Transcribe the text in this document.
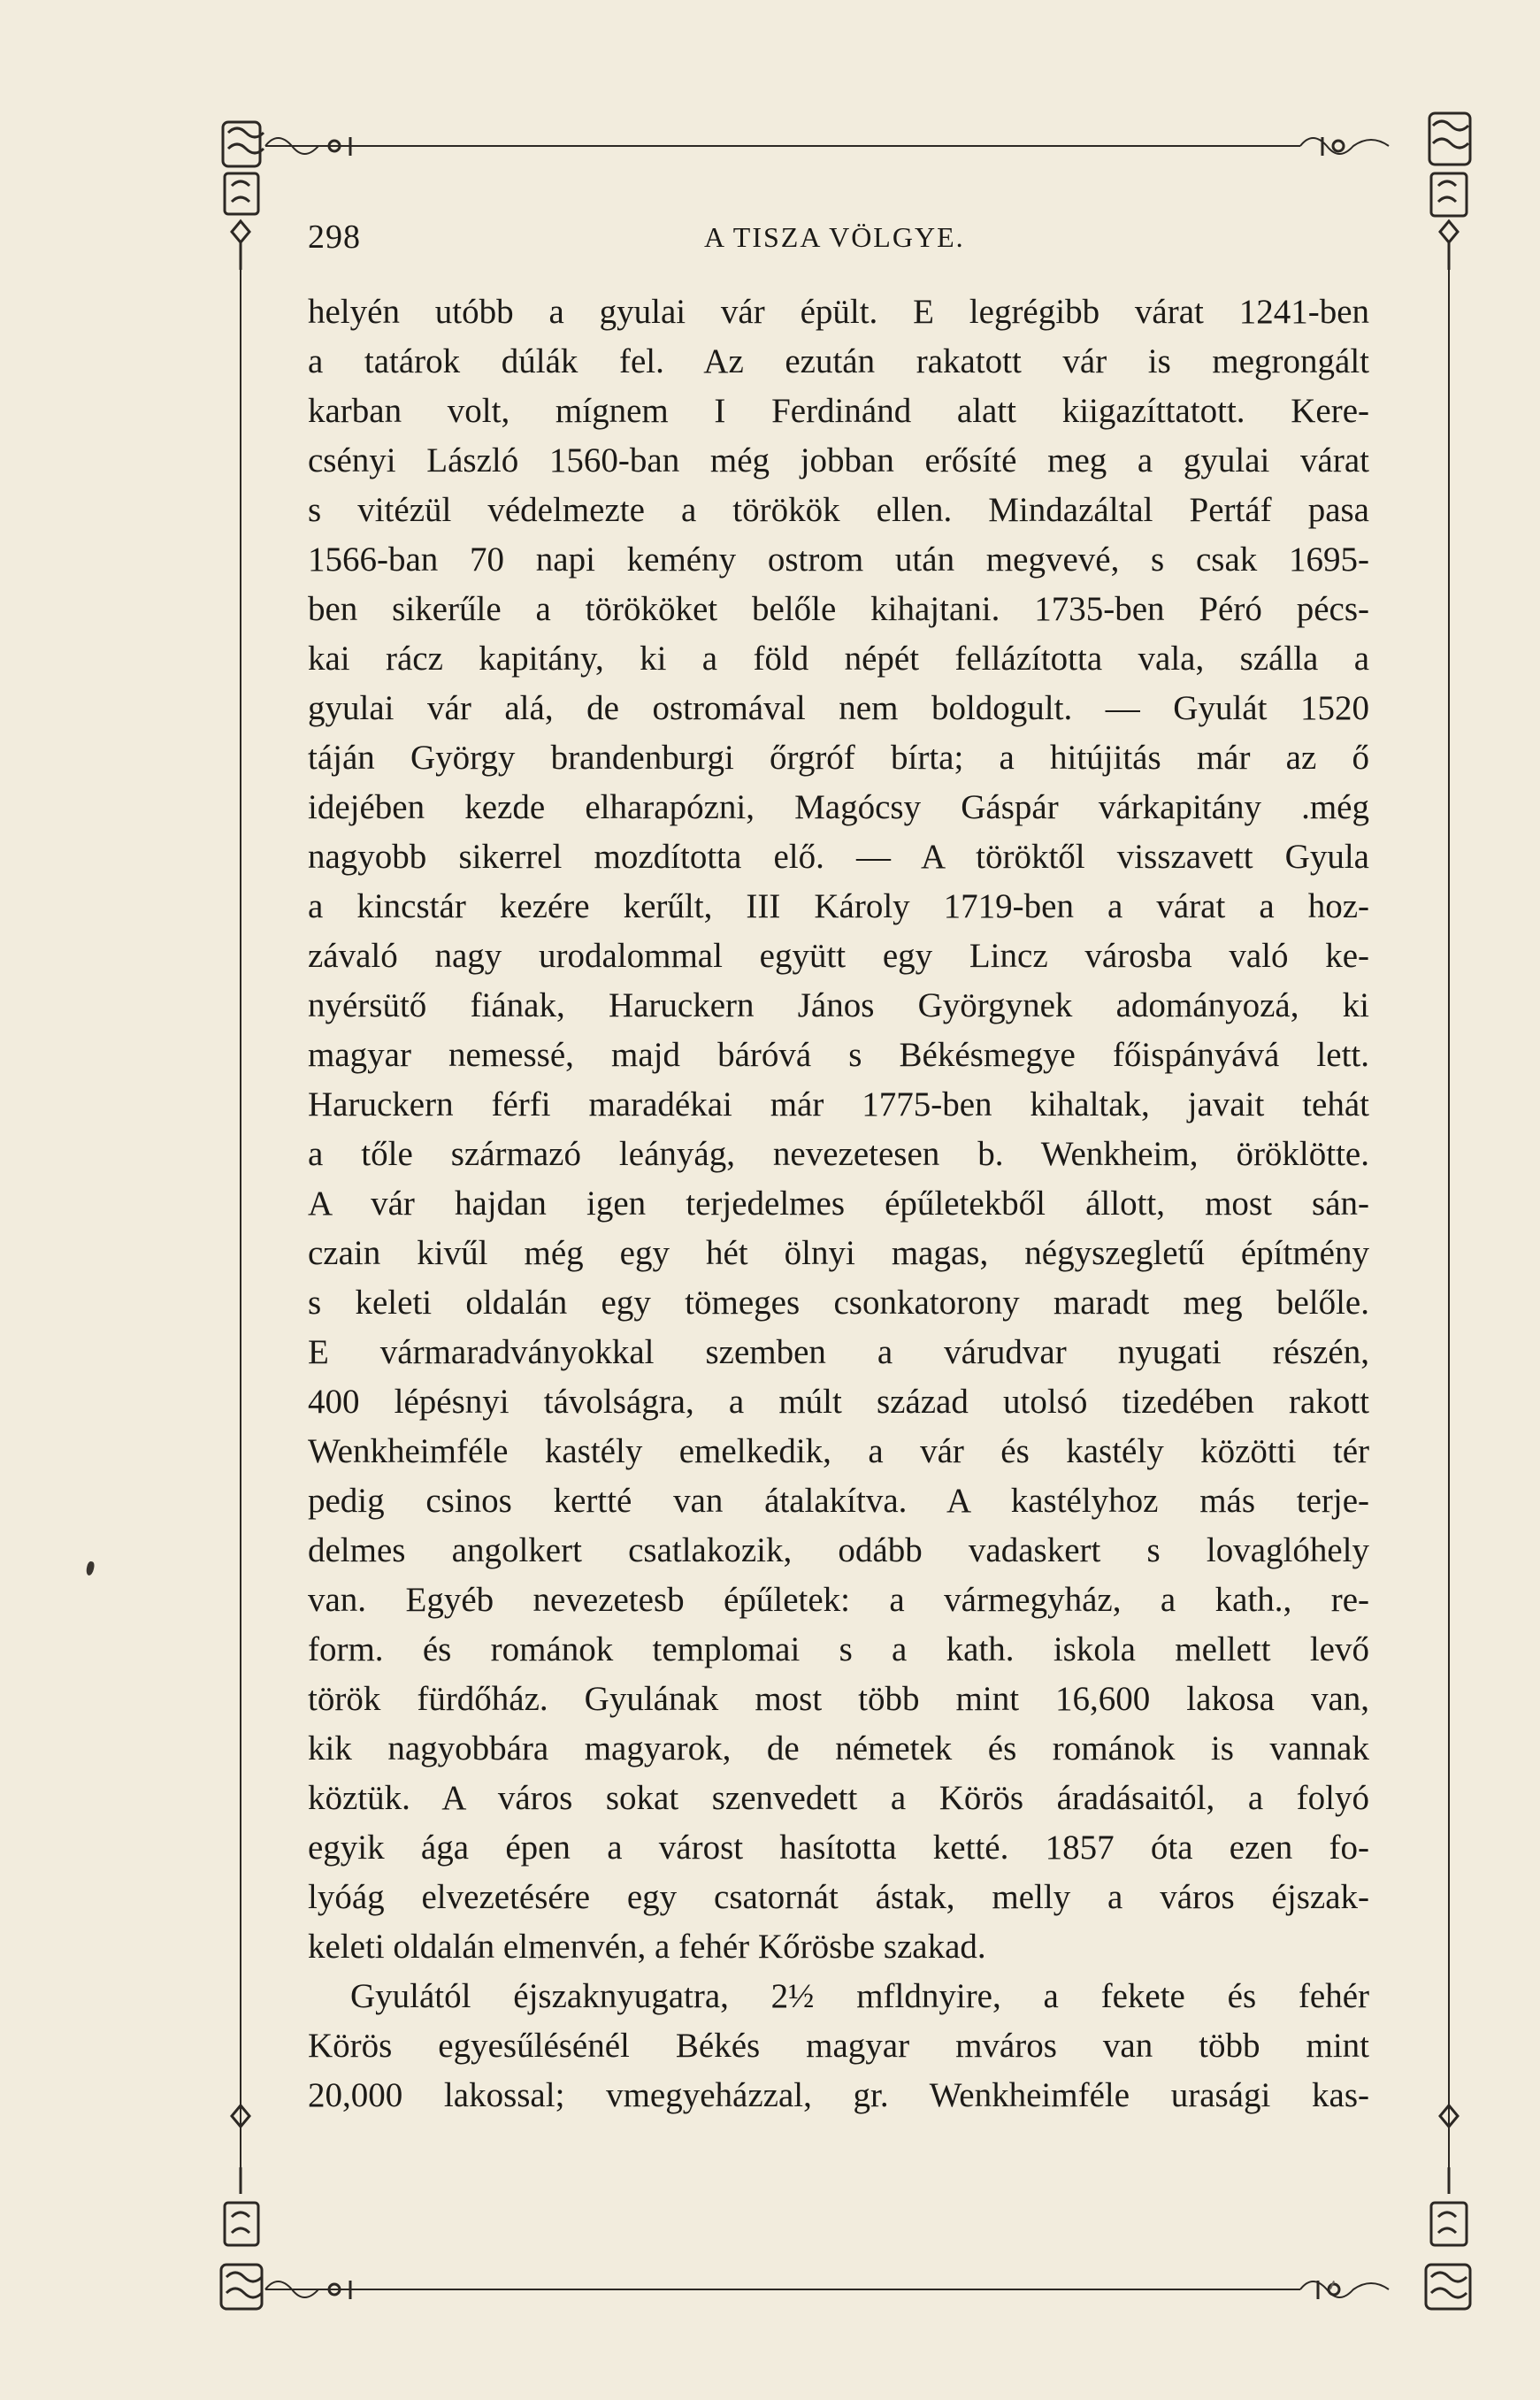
298	A TISZA VÖLGYE.
helyén utóbb a gyulai vár épült. E legrégibb várat 1241-ben
a tatárok dúlák fel. Az ezután rakatott vár is megrongált
karban volt, mígnem I Ferdinánd alatt kiigazíttatott. Kere-
csényi László 1560-ban még jobban erősíté meg a gyulai várat
s vitézül védelmezte a törökök ellen. Mindazáltal Pertáf pasa
1566-ban 70 napi kemény ostrom után megvevé, s csak 1695-
ben sikerűle a törököket belőle kihajtani. 1735-ben Péró pécs-
kai rácz kapitány, ki a föld népét fellázította vala, szálla a
gyulai vár alá, de ostromával nem boldogult. — Gyulát 1520
táján György brandenburgi őrgróf bírta; a hitújitás már az ő
idejében kezde elharapózni, Magócsy Gáspár várkapitány .még
nagyobb sikerrel mozdította elő. — A töröktől visszavett Gyula
a kincstár kezére kerűlt, III Károly 1719-ben a várat a hoz-
závaló nagy urodalommal együtt egy Lincz városba való ke-
nyérsütő fiának, Haruckern János Györgynek adományozá, ki
magyar nemessé, majd báróvá s Békésmegye főispányává lett.
Haruckern férfi maradékai már 1775-ben kihaltak, javait tehát
a tőle származó leányág, nevezetesen b. Wenkheim, öröklötte.
A vár hajdan igen terjedelmes épűletekből állott, most sán-
czain kivűl még egy hét ölnyi magas, négyszegletű építmény
s keleti oldalán egy tömeges csonkatorony maradt meg belőle.
E vármaradványokkal szemben a várudvar nyugati részén,
400 lépésnyi távolságra, a múlt század utolsó tizedében rakott
Wenkheimféle kastély emelkedik, a vár és kastély közötti tér
pedig csinos kertté van átalakítva. A kastélyhoz más terje-
delmes angolkert csatlakozik, odább vadaskert s lovaglóhely
van. Egyéb nevezetesb épűletek: a vármegyház, a kath., re-
form. és románok templomai s a kath. iskola mellett levő
török fürdőház. Gyulának most több mint 16,600 lakosa van,
kik nagyobbára magyarok, de németek és románok is vannak
köztük. A város sokat szenvedett a Körös áradásaitól, a folyó
egyik ága épen a várost hasította ketté. 1857 óta ezen fo-
lyóág elvezetésére egy csatornát ástak, melly a város éjszak-
keleti oldalán elmenvén, a fehér Kőrösbe szakad.
Gyulától éjszaknyugatra, 2½ mfldnyire, a fekete és fehér
Körös egyesűlésénél Békés magyar mváros van több mint
20,000 lakossal; vmegyeházzal, gr. Wenkheimféle urasági kas-
